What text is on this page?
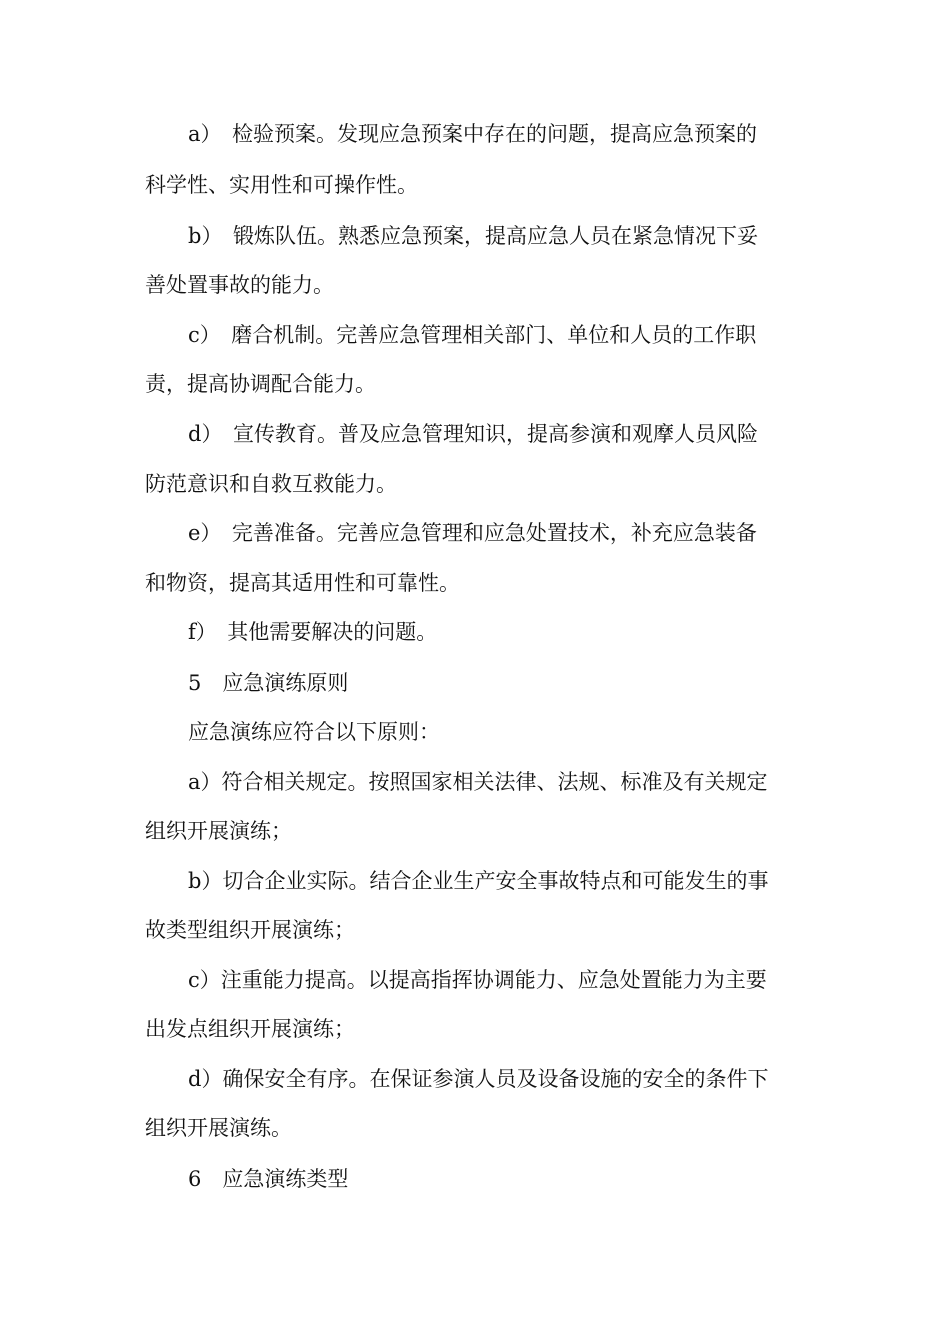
a）　检验预案。发现应急预案中存在的问题，提高应急预案的
科学性、实用性和可操作性。
b）　锻炼队伍。熟悉应急预案，提高应急人员在紧急情况下妥
善处置事故的能力。
c）　磨合机制。完善应急管理相关部门、单位和人员的工作职
责，提高协调配合能力。
d）　宣传教育。普及应急管理知识，提高参演和观摩人员风险
防范意识和自救互救能力。
e）　完善准备。完善应急管理和应急处置技术，补充应急装备
和物资，提高其适用性和可靠性。
f）　其他需要解决的问题。
5　应急演练原则
应急演练应符合以下原则：
a）符合相关规定。按照国家相关法律、法规、标准及有关规定
组织开展演练；
b）切合企业实际。结合企业生产安全事故特点和可能发生的事
故类型组织开展演练；
c）注重能力提高。以提高指挥协调能力、应急处置能力为主要
出发点组织开展演练；
d）确保安全有序。在保证参演人员及设备设施的安全的条件下
组织开展演练。
6　应急演练类型
